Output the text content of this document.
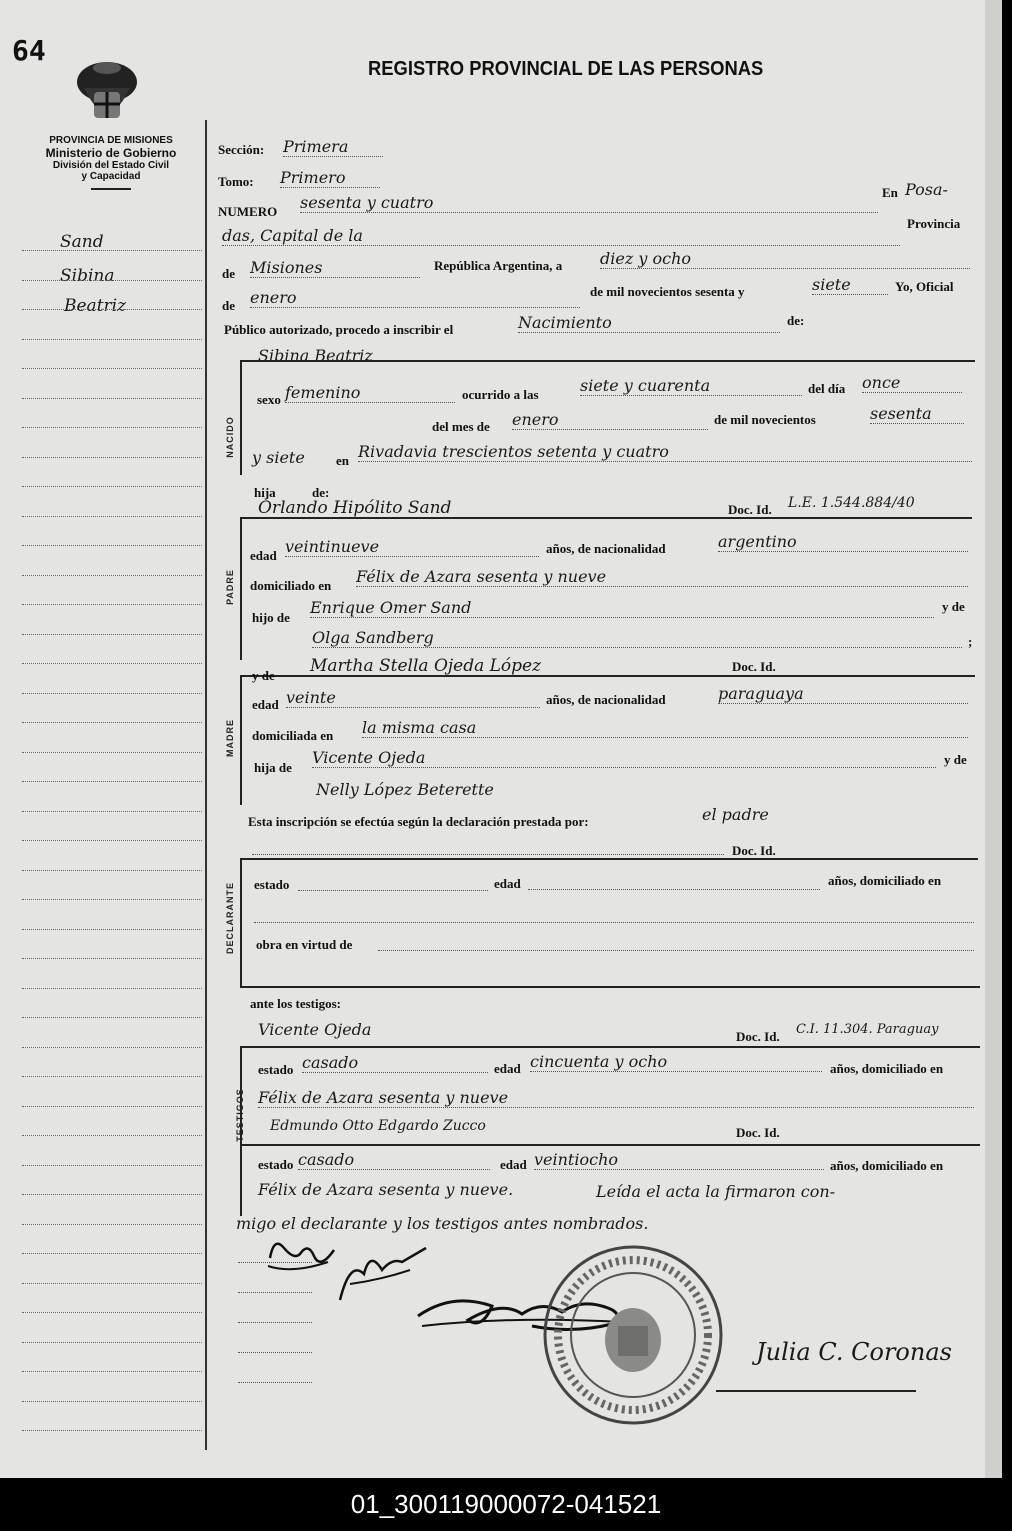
64
PROVINCIA DE MISIONES
Ministerio de Gobierno
División del Estado Civil
y Capacidad
REGISTRO PROVINCIAL DE LAS PERSONAS
Sand
Sibina
Beatriz
Sección: Primera
Tomo: Primero
NUMERO sesenta y cuatro
En Posa-
das, Capital de la
Provincia
de Misiones	República Argentina, a diez y ocho
de enero	de mil novecientos sesenta y	siete	Yo, Oficial
Público autorizado, procedo a inscribir el	Nacimiento	de:
Sibina Beatriz
NACIDO
sexo femenino	ocurrido a las	siete y cuarenta	del día once
del mes de enero	de mil novecientos	sesenta
y siete en Rivadavia trescientos setenta y cuatro
hija	de:
PADRE
Orlando Hipólito Sand	Doc. Id. L.E. 1.544.884/40
edad veintinueve	años, de nacionalidad	argentino
domiciliado en Félix de Azara sesenta y nueve
hijo de
Enrique Omer Sand	y de
Olga Sandberg	;
MADRE
y de Martha Stella Ojeda López	Doc. Id.
edad veinte	años, de nacionalidad	paraguaya
domiciliada en la misma casa
hija de
Vicente Ojeda	y de
Nelly López Beterette
Esta inscripción se efectúa según la declaración prestada por:	el padre
Doc. Id.
DECLARANTE estado	edad	años, domiciliado en
obra en virtud de
ante los testigos:
Vicente Ojeda	Doc. Id. C.I. 11.304. Paraguay
TESTIGOS
estado casado	edad cincuenta y ocho	años, domiciliado en
Félix de Azara sesenta y nueve
Edmundo Otto Edgardo Zucco	Doc. Id.
estado casado	edad veintiocho	años, domiciliado en
Félix de Azara sesenta y nueve.	Leída el acta la firmaron con-
migo el declarante y los testigos antes nombrados.
Julia C. Coronas
01_300119000072-041521
